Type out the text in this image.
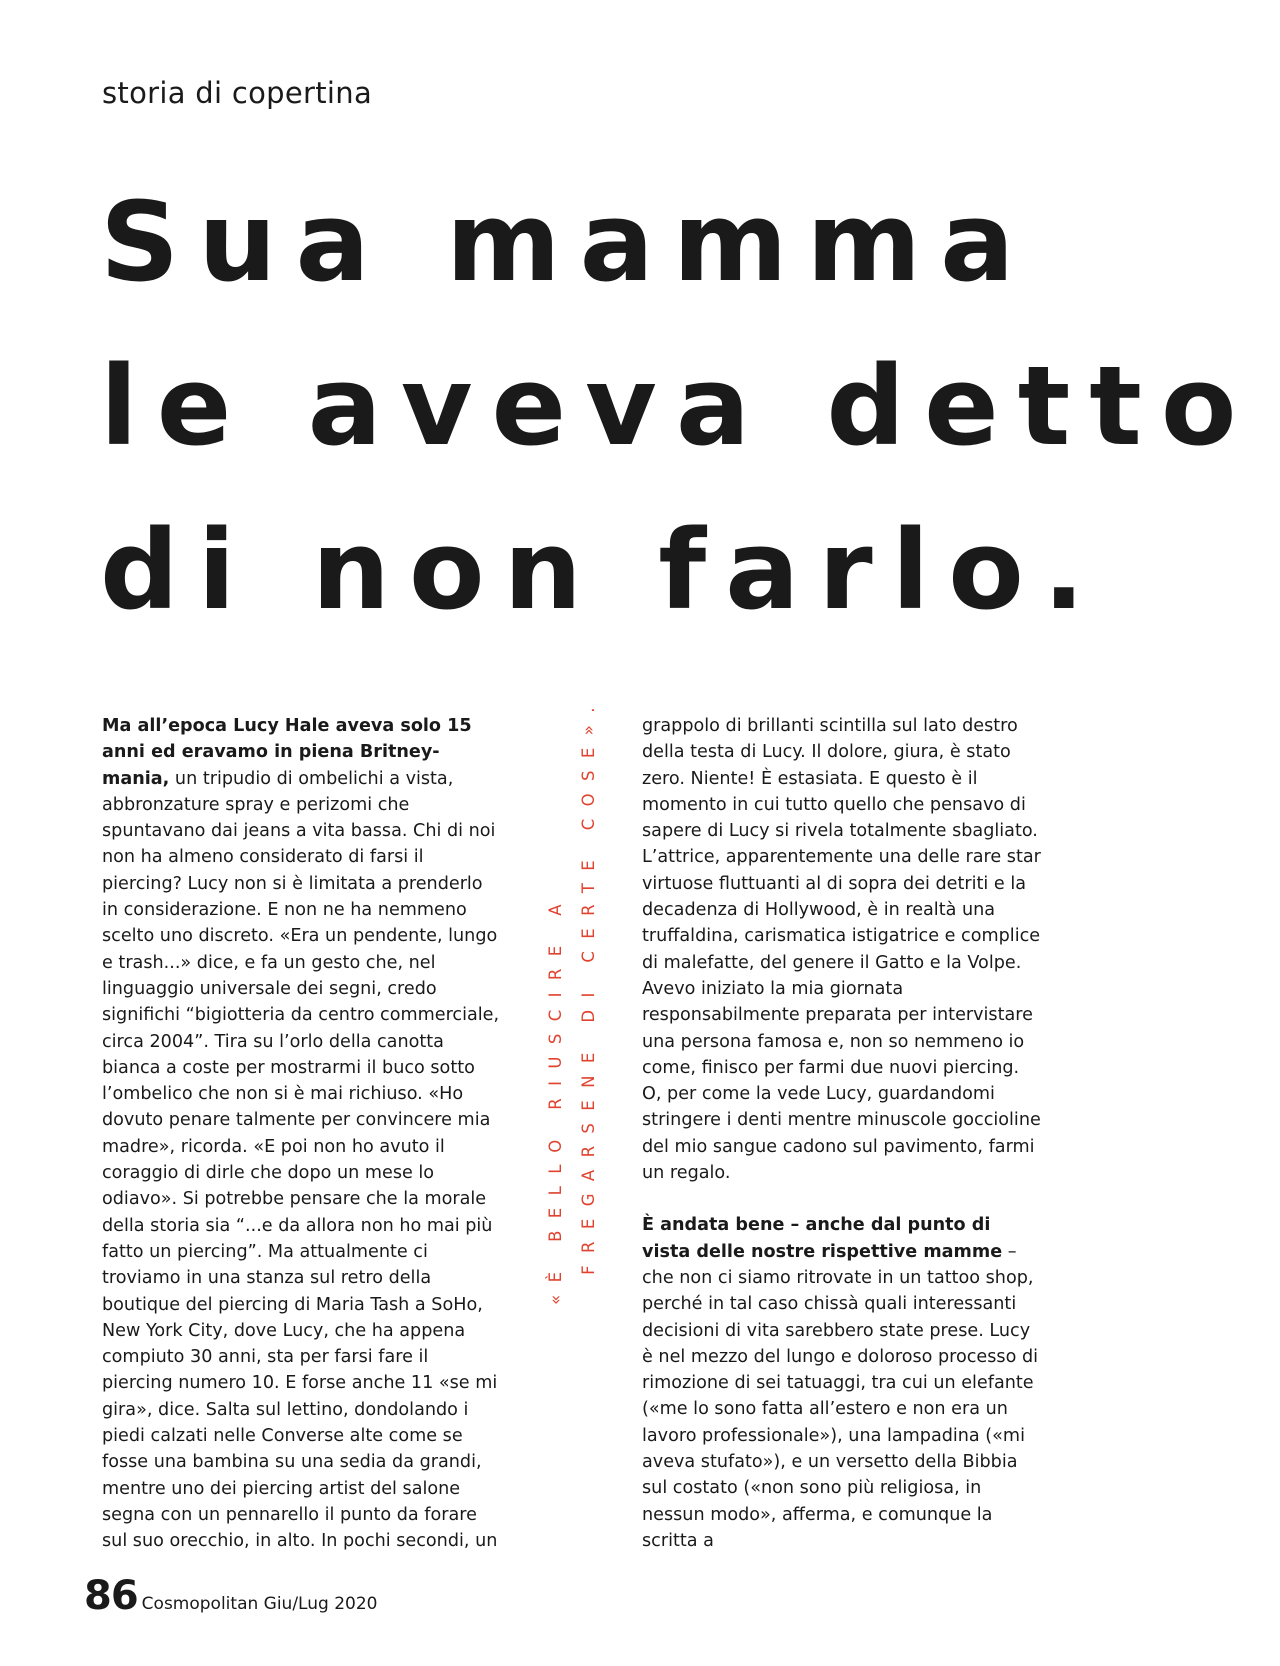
storia di copertina
Sua mamma
le aveva detto
di non farlo.

Ma all’epoca Lucy Hale aveva solo 15 anni ed eravamo in piena Britney-mania, un tripudio di ombelichi a vista, abbronzature spray e perizomi che spuntavano dai jeans a vita bassa. Chi di noi non ha almeno considerato di farsi il piercing? Lucy non si è limitata a prenderlo in considerazione. E non ne ha nemmeno scelto uno discreto. «Era un pendente, lungo e trash...» dice, e fa un gesto che, nel linguaggio universale dei segni, credo significhi “bigiotteria da centro commerciale, circa 2004”. Tira su l’orlo della canotta bianca a coste per mostrarmi il buco sotto l’ombelico che non si è mai richiuso. «Ho dovuto penare talmente per convincere mia madre», ricorda. «E poi non ho avuto il coraggio di dirle che dopo un mese lo odiavo». Si potrebbe pensare che la morale della storia sia “...e da allora non ho mai più fatto un piercing”. Ma attualmente ci troviamo in una stanza sul retro della boutique del piercing di Maria Tash a SoHo, New York City, dove Lucy, che ha appena compiuto 30 anni, sta per farsi fare il piercing numero 10. E forse anche 11 «se mi gira», dice. Salta sul lettino, dondolando i piedi calzati nelle Converse alte come se fosse una bambina su una sedia da grandi, mentre uno dei piercing artist del salone segna con un pennarello il punto da forare sul suo orecchio, in alto. In pochi secondi, un

«È BELLO RIUSCIRE A FREGARSENE DI CERTE COSE».	grappolo di brillanti scintilla sul lato destro della testa di Lucy. Il dolore, giura, è stato zero. Niente! È estasiata. E questo è il momento in cui tutto quello che pensavo di sapere di Lucy si rivela totalmente sbagliato. L’attrice, apparentemente una delle rare star virtuose fluttuanti al di sopra dei detriti e la decadenza di Hollywood, è in realtà una truffaldina, carismatica istigatrice e complice di malefatte, del genere il Gatto e la Volpe. Avevo iniziato la mia giornata responsabilmente preparata per intervistare una persona famosa e, non so nemmeno io come, finisco per farmi due nuovi piercing. O, per come la vede Lucy, guardandomi stringere i denti mentre minuscole goccioline del mio sangue cadono sul pavimento, farmi un regalo.

È andata bene – anche dal punto di vista delle nostre rispettive mamme – che non ci siamo ritrovate in un tattoo shop, perché in tal caso chissà quali interessanti decisioni di vita sarebbero state prese. Lucy è nel mezzo del lungo e doloroso processo di rimozione di sei tatuaggi, tra cui un elefante («me lo sono fatta all’estero e non era un lavoro professionale»), una lampadina («mi aveva stufato»), e un versetto della Bibbia sul costato («non sono più religiosa, in nessun modo», afferma, e comunque la scritta a

86 Cosmopolitan Giu/Lug 2020
